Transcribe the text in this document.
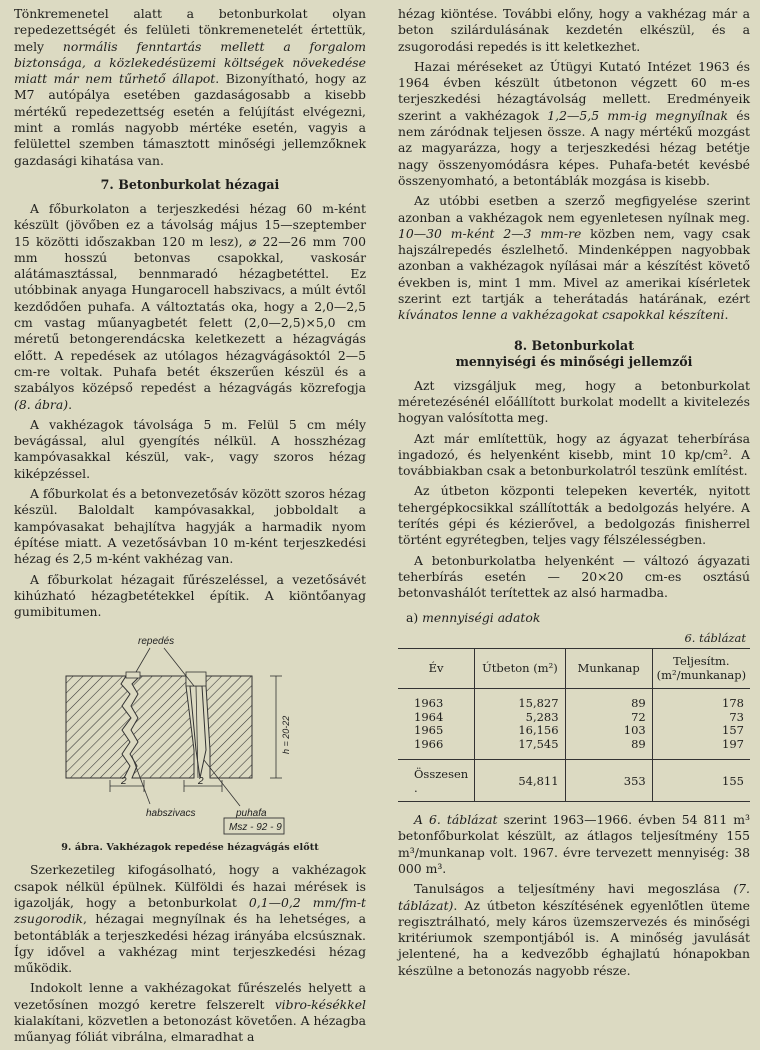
Tönkremenetel alatt a betonburkolat olyan repedezettségét és felületi tönkremenetelét értettük, mely normális fenntartás mellett a forgalom biztonsága, a közlekedésüzemi költségek növekedése miatt már nem tűrhető állapot. Bizonyítható, hogy az M7 autópálya esetében gazdaságosabb a kisebb mértékű repedezettség esetén a felújítást elvégezni, mint a romlás nagyobb mértéke esetén, vagyis a felülettel szemben támasztott minőségi jellemzőknek gazdasági kihatása van.

7. Betonburkolat hézagai

A főburkolaton a terjeszkedési hézag 60 m-ként készült (jövőben ez a távolság május 15—szeptember 15 közötti időszakban 120 m lesz), ⌀ 22—26 mm 700 mm hosszú betonvas csapokkal, vaskosár alátámasztással, bennmaradó hézagbetéttel. Ez utóbbinak anyaga Hungarocell habszivacs, a múlt évtől kezdődően puhafa. A változtatás oka, hogy a 2,0—2,5 cm vastag műanyagbetét felett (2,0—2,5)×5,0 cm méretű betongerendácska keletkezett a hézagvágás előtt. A repedések az utólagos hézagvágásoktól 2—5 cm-re voltak. Puhafa betét ékszerűen készül és a szabályos középső repedést a hézagvágás közrefogja (8. ábra).

A vakhézagok távolsága 5 m. Felül 5 cm mély bevágással, alul gyengítés nélkül. A hosszhézag kampóvasakkal készül, vak-, vagy szoros hézag kiképzéssel.

A főburkolat és a betonvezetősáv között szoros hézag készül. Baloldalt kampóvasakkal, jobboldalt a kampóvasakat behajlítva hagyják a harmadik nyom építése miatt. A vezetősávban 10 m-ként terjeszkedési hézag és 2,5 m-ként vakhézag van.

A főburkolat hézagait fűrészeléssel, a vezetősávét kihúzható hézagbetétekkel építik. A kiöntőanyag gumibitumen.

repedés
h = 20-22
2	2
habszivacs	puhafa
Msz - 92 - 9
9. ábra. Vakhézagok repedése hézagvágás előtt

Szerkezetileg kifogásolható, hogy a vakhézagok csapok nélkül épülnek. Külföldi és hazai mérések is igazolják, hogy a betonburkolat 0,1—0,2 mm/fm-t zsugorodik, hézagai megnyílnak és ha lehetséges, a betontáblák a terjeszkedési hézag irányába elcsúsznak. Így idővel a vakhézag mint terjeszkedési hézag működik.

Indokolt lenne a vakhézagokat fűrészelés helyett a vezetősínen mozgó keretre felszerelt vibro-késékkel kialakítani, közvetlen a betonozást követően. A hézagba műanyag fóliát vibrálna, elmaradhat a

hézag kiöntése. További előny, hogy a vakhézag már a beton szilárdulásának kezdetén elkészül, és a zsugorodási repedés is itt keletkezhet.

Hazai méréseket az Útügyi Kutató Intézet 1963 és 1964 évben készült útbetonon végzett 60 m-es terjeszkedési hézagtávolság mellett. Eredményeik szerint a vakhézagok 1,2—5,5 mm-ig megnyílnak és nem záródnak teljesen össze. A nagy mértékű mozgást az magyarázza, hogy a terjeszkedési hézag betétje nagy összenyomódásra képes. Puhafa-betét kevésbé összenyomható, a betontáblák mozgása is kisebb.

Az utóbbi esetben a szerző megfigyelése szerint azonban a vakhézagok nem egyenletesen nyílnak meg. 10—30 m-ként 2—3 mm-re közben nem, vagy csak hajszálrepedés észlelhető. Mindenképpen nagyobbak azonban a vakhézagok nyílásai már a készítést követő években is, mint 1 mm. Mivel az amerikai kísérletek szerint ezt tartják a teherátadás határának, ezért kívánatos lenne a vakhézagokat csapokkal készíteni.

8. Betonburkolat
mennyiségi és minőségi jellemzői

Azt vizsgáljuk meg, hogy a betonburkolat méretezésénél előállított burkolat modellt a kivitelezés hogyan valósította meg.

Azt már említettük, hogy az ágyazat teherbírása ingadozó, és helyenként kisebb, mint 10 kp/cm². A továbbiakban csak a betonburkolatról teszünk említést.

Az útbeton központi telepeken keverték, nyitott tehergépkocsikkal szállították a bedolgozás helyére. A terítés gépi és kézierővel, a bedolgozás finisherrel történt egyrétegben, teljes vagy félszélességben.

A betonburkolatba helyenként — változó ágyazati teherbírás esetén — 20×20 cm-es osztású betonvashálót terítettek az alsó harmadba.

a) mennyiségi adatok
6. táblázat
Év	Útbeton (m²)	Munkanap	Teljesítm. (m²/munkanap)
1963	15,827	89	178
1964	5,283	72	73
1965	16,156	103	157
1966	17,545	89	197

Összesen .	54,811	353	155

A 6. táblázat szerint 1963—1966. évben 54 811 m³ betonfőburkolat készült, az átlagos teljesítmény 155 m³/munkanap volt. 1967. évre tervezett mennyiség: 38 000 m³.

Tanulságos a teljesítmény havi megoszlása (7. táblázat). Az útbeton készítésének egyenlőtlen üteme regisztrálható, mely káros üzemszervezés és minőségi kritériumok szempontjából is. A minőség javulását jelentené, ha a kedvezőbb éghajlatú hónapokban készülne a betonozás nagyobb része.
